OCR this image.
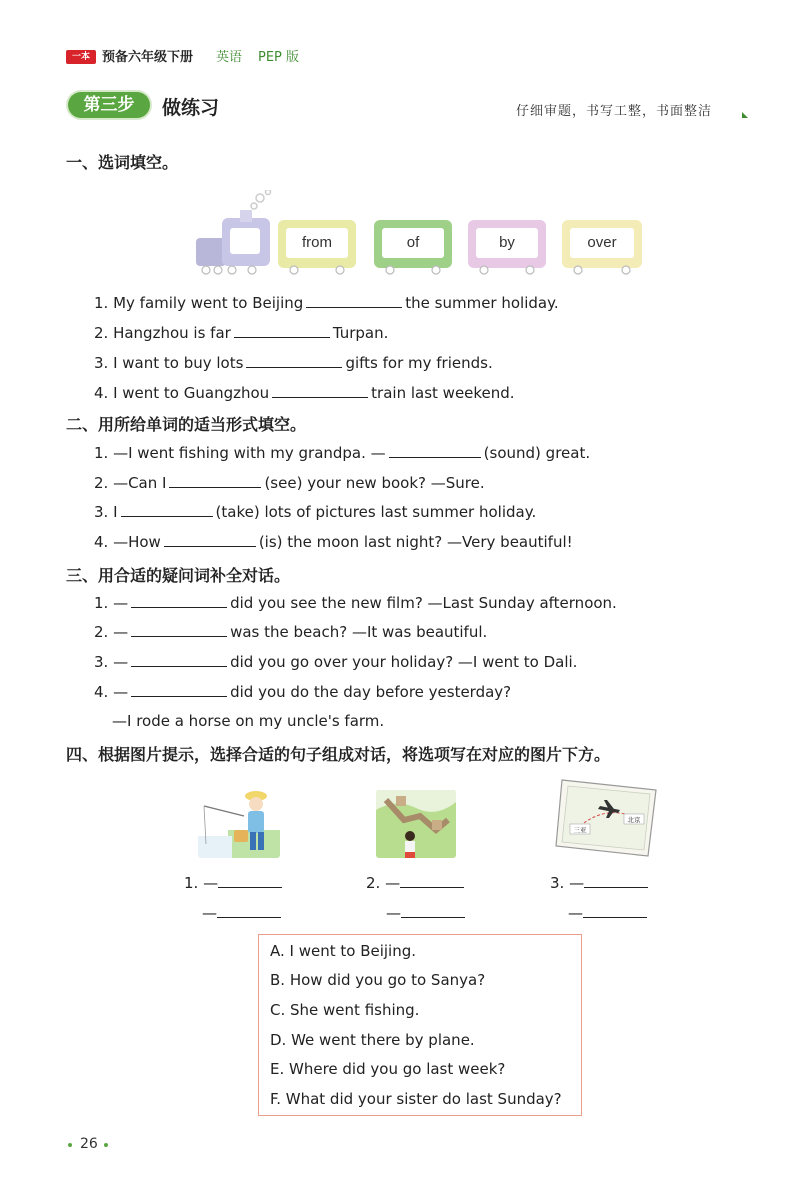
一本 预备六年级下册 英语 PEP 版
第三步	做练习	仔细审题，书写工整，书面整洁
一、选词填空。
from	of	by	over
1. My family went to Beijing	the summer holiday.
2. Hangzhou is far	Turpan.
3. I want to buy lots	gifts for my friends.
4. I went to Guangzhou	train last weekend.
二、用所给单词的适当形式填空。
1. —I went fishing with my grandpa. —	(sound) great.
2. —Can I	(see) your new book? —Sure.
3. I	(take) lots of pictures last summer holiday.
4. —How	(is) the moon last night? —Very beautiful!
三、用合适的疑问词补全对话。
1. —	did you see the new film? —Last Sunday afternoon.
2. —	was the beach? —It was beautiful.
3. —	did you go over your holiday? —I went to Dali.
4. —	did you do the day before yesterday?
—I rode a horse on my uncle's farm.
四、根据图片提示，选择合适的句子组成对话，将选项写在对应的图片下方。
三亚
北京
1. —
—
2. —
—
3. —
—
A. I went to Beijing.
B. How did you go to Sanya?
C. She went fishing.
D. We went there by plane.
E. Where did you go last week?
F. What did your sister do last Sunday?
26
